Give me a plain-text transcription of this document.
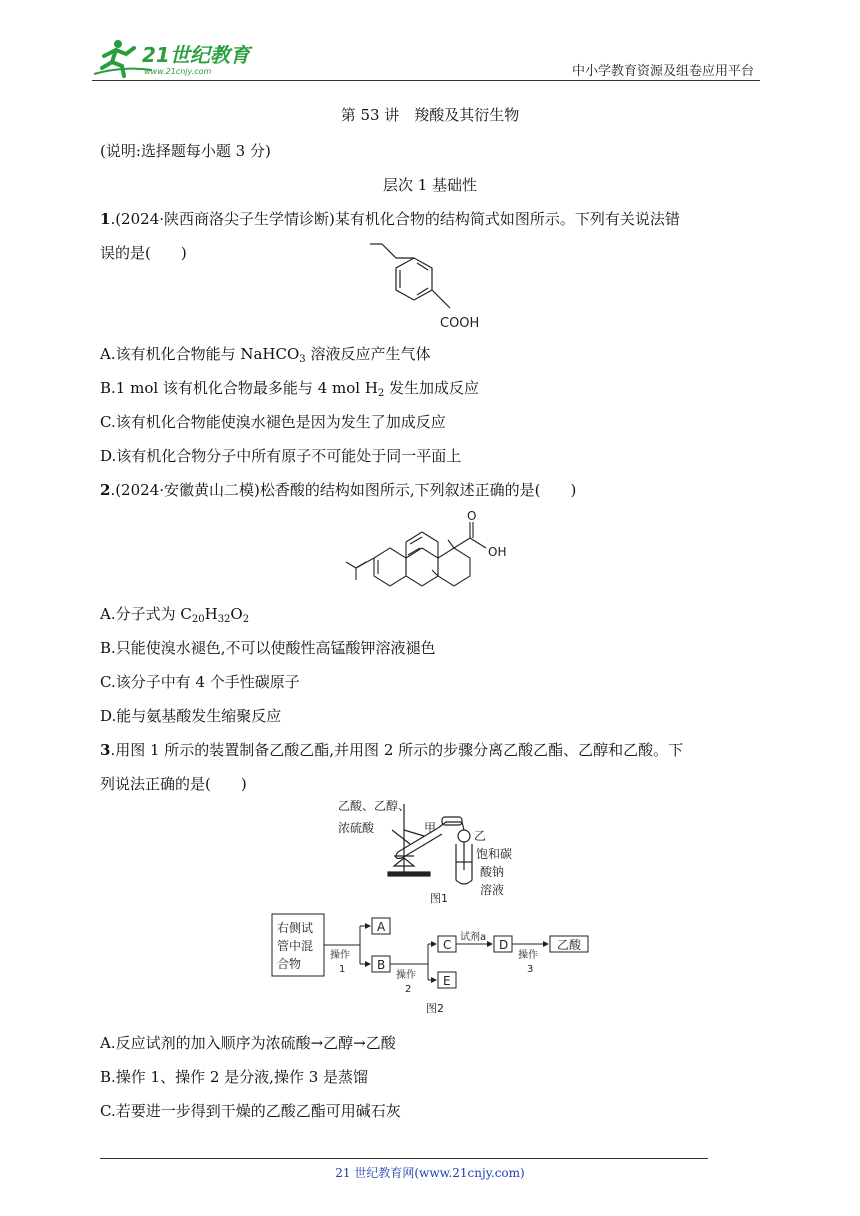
21世纪教育
www.21cnjy.com	中小学教育资源及组卷应用平台
第 53 讲　羧酸及其衍生物
(说明:选择题每小题 3 分)
层次 1 基础性
1.(2024·陕西商洛尖子生学情诊断)某有机化合物的结构简式如图所示。下列有关说法错
误的是(　　)
COOH
A.该有机化合物能与 NaHCO$_3$ 溶液反应产生气体
B.1 mol 该有机化合物最多能与 4 mol $H_2$ 发生加成反应
C.该有机化合物能使溴水褪色是因为发生了加成反应
D.该有机化合物分子中所有原子不可能处于同一平面上
2.(2024·安徽黄山二模)松香酸的结构如图所示,下列叙述正确的是(　　)
O
OH
A.分子式为 $C_{20}H_{32}O_2$
B.只能使溴水褪色,不可以使酸性高锰酸钾溶液褪色
C.该分子中有 4 个手性碳原子
D.能与氨基酸发生缩聚反应
3.用图 1 所示的装置制备乙酸乙酯,并用图 2 所示的步骤分离乙酸乙酯、乙醇和乙酸。下
列说法正确的是(　　)
乙酸、乙醇、
浓硫酸	甲
乙
饱和碳
酸钠
溶液
图1
右侧试
管中混
合物
A
B
C
E
D	乙酸
操作
1
操作
2
试剂a
操作
3
图2
A.反应试剂的加入顺序为浓硫酸→乙醇→乙酸
B.操作 1、操作 2 是分液,操作 3 是蒸馏
C.若要进一步得到干燥的乙酸乙酯可用碱石灰
21 世纪教育网(www.21cnjy.com)
